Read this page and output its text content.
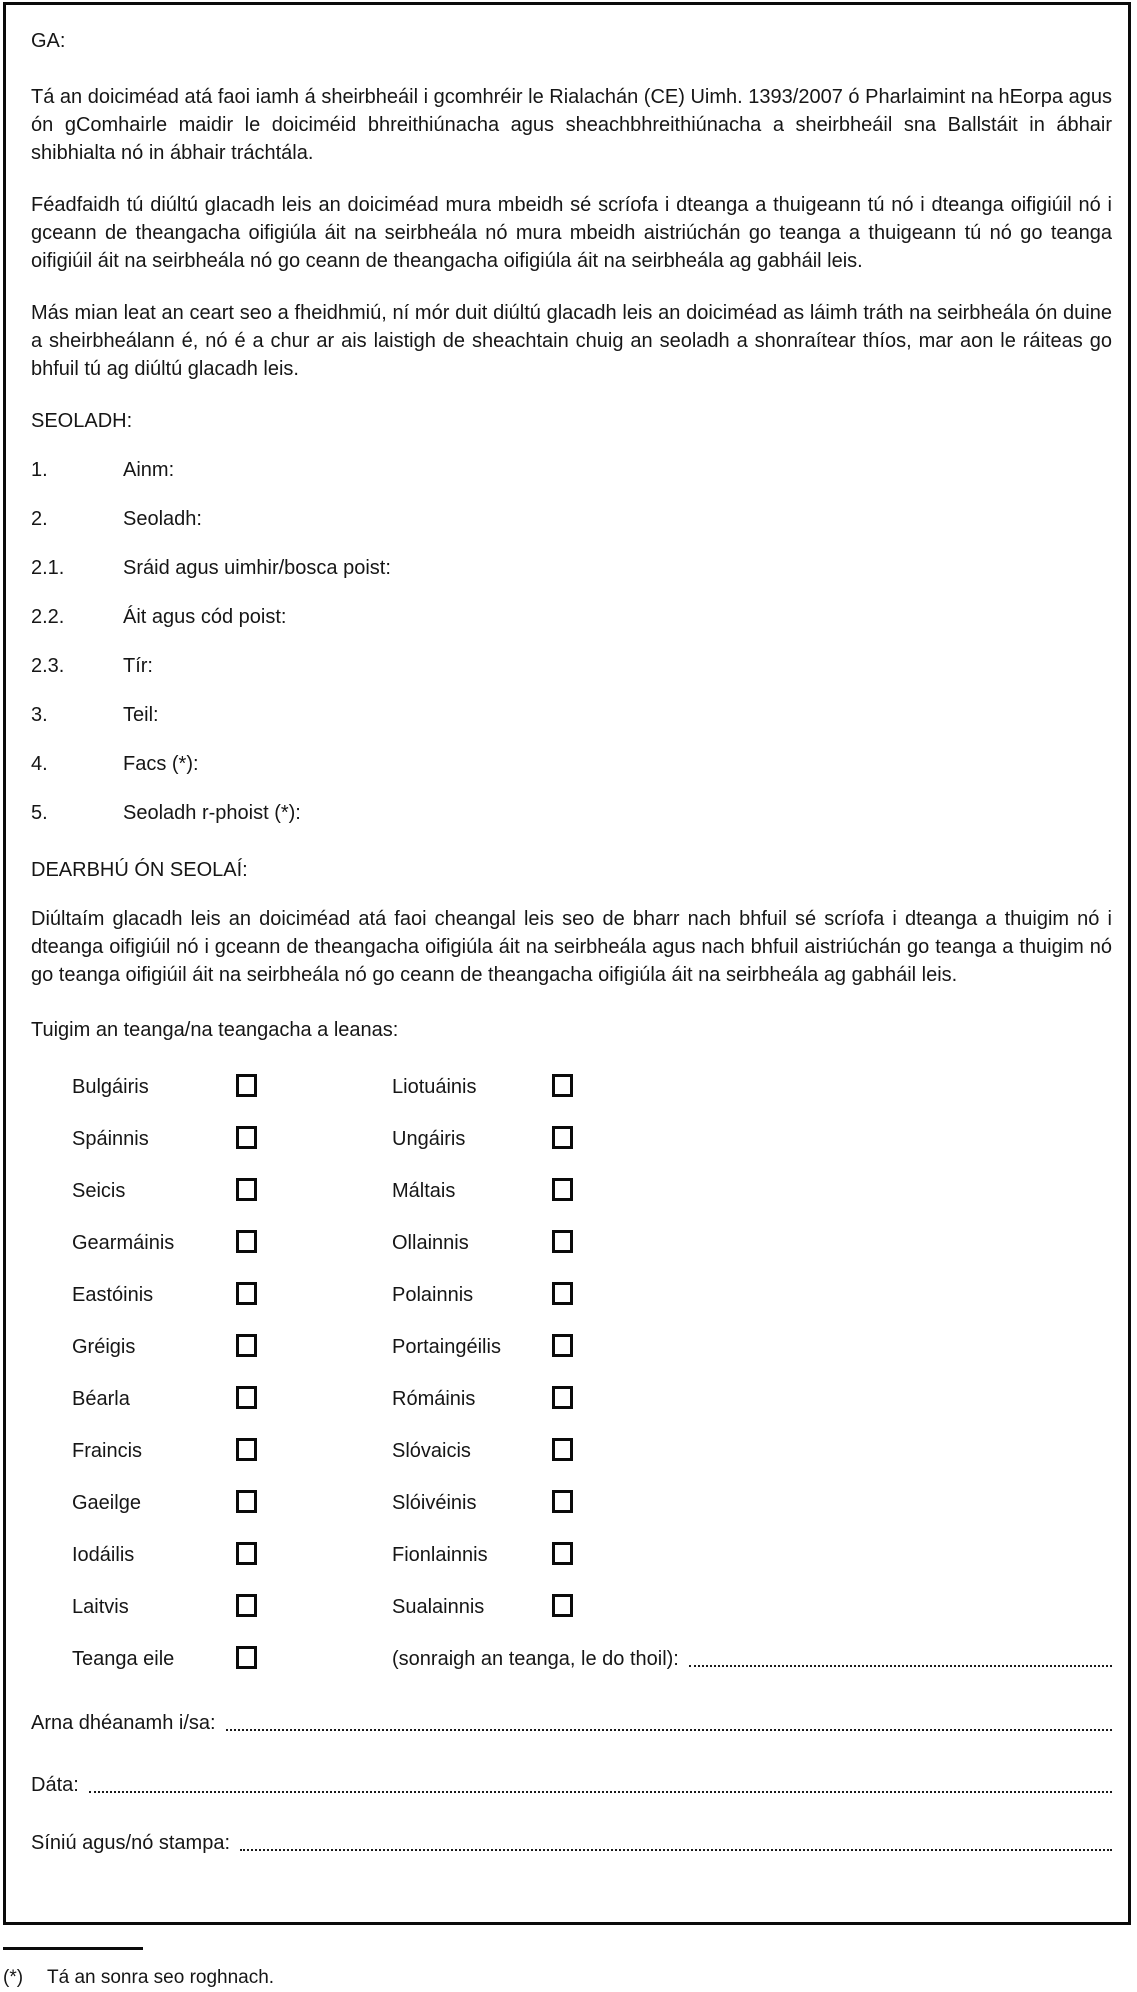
GA:

Tá an doiciméad atá faoi iamh á sheirbheáil i gcomhréir le Rialachán (CE) Uimh. 1393/2007 ó Pharlaimint na hEorpa agus ón gComhairle maidir le doiciméid bhreithiúnacha agus sheachbhreithiúnacha a sheirbheáil sna Ballstáit in ábhair shibhialta nó in ábhair tráchtála.

Féadfaidh tú diúltú glacadh leis an doiciméad mura mbeidh sé scríofa i dteanga a thuigeann tú nó i dteanga oifigiúil nó i gceann de theangacha oifigiúla áit na seirbheála nó mura mbeidh aistriúchán go teanga a thuigeann tú nó go teanga oifigiúil áit na seirbheála nó go ceann de theangacha oifigiúla áit na seirbheála ag gabháil leis.

Más mian leat an ceart seo a fheidhmiú, ní mór duit diúltú glacadh leis an doiciméad as láimh tráth na seirbheála ón duine a sheirbheálann é, nó é a chur ar ais laistigh de sheachtain chuig an seoladh a shonraítear thíos, mar aon le ráiteas go bhfuil tú ag diúltú glacadh leis.

SEOLADH:
1.	Ainm:
2.	Seoladh:
2.1.	Sráid agus uimhir/bosca poist:
2.2.	Áit agus cód poist:
2.3.	Tír:
3.	Teil:
4.	Facs (*):
5.	Seoladh r-phoist (*):
DEARBHÚ ÓN SEOLAÍ:

Diúltaím glacadh leis an doiciméad atá faoi cheangal leis seo de bharr nach bhfuil sé scríofa i dteanga a thuigim nó i dteanga oifigiúil nó i gceann de theangacha oifigiúla áit na seirbheála agus nach bhfuil aistriúchán go teanga a thuigim nó go teanga oifigiúil áit na seirbheála nó go ceann de theangacha oifigiúla áit na seirbheála ag gabháil leis.

Tuigim an teanga/na teangacha a leanas:

Bulgáiris	Liotuáinis
Spáinnis	Ungáiris
Seicis	Máltais
Gearmáinis	Ollainnis
Eastóinis	Polainnis
Gréigis	Portaingéilis
Béarla	Rómáinis
Fraincis	Slóvaicis
Gaeilge	Slóivéinis
Iodáilis	Fionlainnis
Laitvis	Sualainnis
Teanga eile	(sonraigh an teanga, le do thoil):
Arna dhéanamh i/sa:
Dáta:
Síniú agus/nó stampa:
(*)	Tá an sonra seo roghnach.
